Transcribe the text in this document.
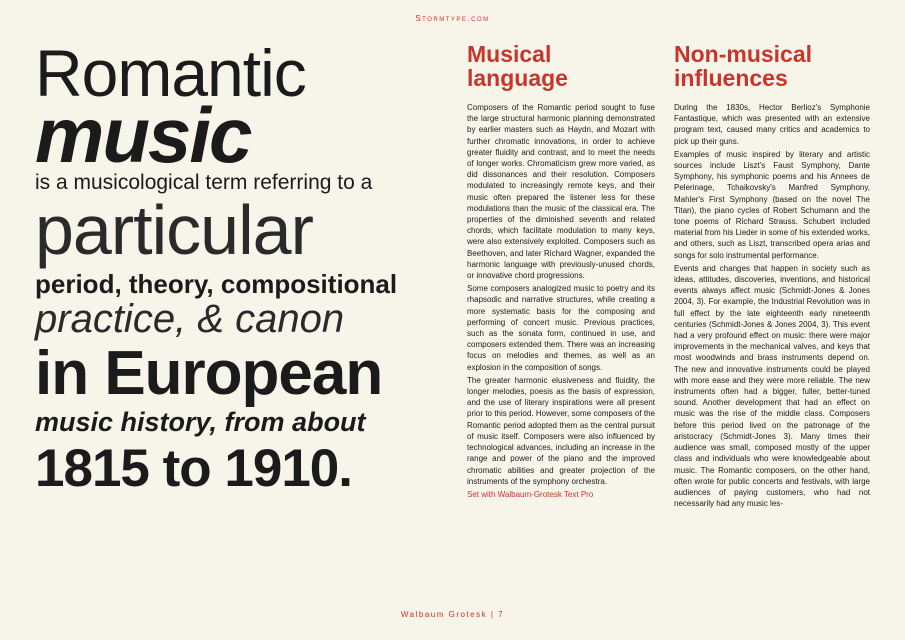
Stormtype.com
Romantic
music
is a musicological term referring to a
particular
period, theory, compositional
practice, & canon
in European
music history, from about
1815 to 1910.
Musical language

Composers of the Romantic period sought to fuse the large structural harmonic planning demonstrated by earlier masters such as Haydn, and Mozart with further chromatic innovations, in order to achieve greater fluidity and contrast, and to meet the needs of longer works. Chromaticism grew more varied, as did dissonances and their resolution. Composers modulated to increasingly remote keys, and their music often prepared the listener less for these modulations than the music of the classical era. The properties of the diminished seventh and related chords, which facilitate modulation to many keys, were also extensively exploited. Composers such as Beethoven, and later Richard Wagner, expanded the harmonic language with previously-unused chords, or innovative chord progressions.

Some composers analogized music to poetry and its rhapsodic and narrative structures, while creating a more systematic basis for the composing and performing of concert music. Previous practices, such as the sonata form, continued in use, and composers extended them. There was an increasing focus on melodies and themes, as well as an explosion in the composition of songs.

The greater harmonic elusiveness and fluidity, the longer melodies, poesis as the basis of expression, and the use of literary inspirations were all present prior to this period. However, some composers of the Romantic period adopted them as the central pursuit of music itself. Composers were also influenced by technological advances, including an increase in the range and power of the piano and the improved chromatic abilities and greater projection of the instruments of the symphony orchestra.

Set with Walbaum-Grotesk Text Pro

Non-musical influences

During the 1830s, Hector Berlioz's Symphonie Fantastique, which was presented with an extensive program text, caused many critics and academics to pick up their guns.

Examples of music inspired by literary and artistic sources include Liszt's Faust Symphony, Dante Symphony, his symphonic poems and his Annees de Pelerinage, Tchaikovsky's Manfred Symphony, Mahler's First Symphony (based on the novel The Titan), the piano cycles of Robert Schumann and the tone poems of Richard Strauss. Schubert included material from his Lieder in some of his extended works, and others, such as Liszt, transcribed opera arias and songs for solo instrumental performance.

Events and changes that happen in society such as ideas, attitudes, discoveries, inventions, and historical events always affect music (Schmidt-Jones & Jones 2004, 3). For example, the Industrial Revolution was in full effect by the late eighteenth early nineteenth centuries (Schmidt-Jones & Jones 2004, 3). This event had a very profound effect on music: there were major improvements in the mechanical valves, and keys that most woodwinds and brass instruments depend on. The new and innovative instruments could be played with more ease and they were more reliable. The new instruments often had a bigger, fuller, better-tuned sound. Another development that had an effect on music was the rise of the middle class. Composers before this period lived on the patronage of the aristocracy (Schmidt-Jones 3). Many times their audience was small, composed mostly of the upper class and individuals who were knowledgeable about music. The Romantic composers, on the other hand, often wrote for public concerts and festivals, with large audiences of paying customers, who had not necessarily had any music les-

Walbaum Grotesk | 7
